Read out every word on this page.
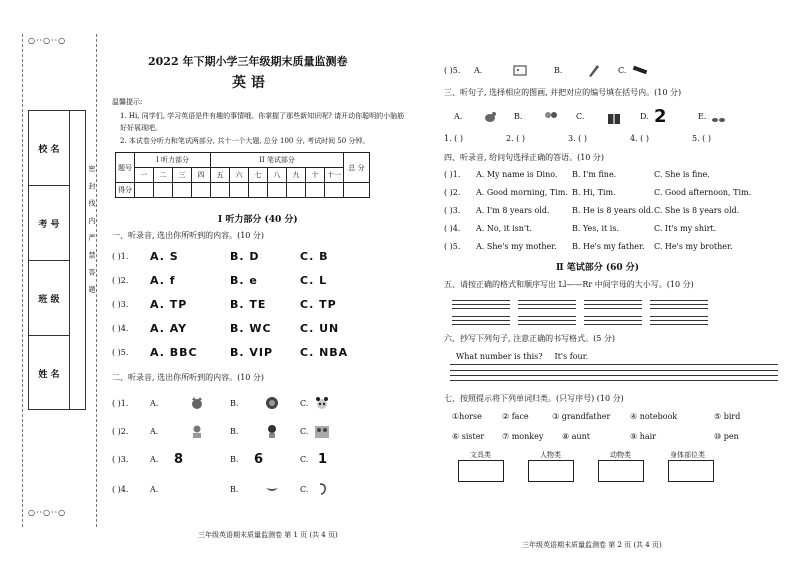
○··○··○
校 名
考 号
班 级
姓 名
密 封 线 内 严 禁 答 题
○··○··○
2022 年下期小学三年级期末质量监测卷
英 语
温馨提示:
1. Hi, 同学们, 学习英语是件有趣的事情哦。你掌握了那些新知识呢? 请开动你聪明的小脑筋好好展现吧。
2. 本试卷分听力和笔试两部分, 共十一个大题, 总分 100 分, 考试时间 50 分钟。
题号	I 听力部分				II 笔试部分							总 分
	一	二	三	四	五	六	七	八	九	十	十一	
得分												
Ⅰ 听力部分 (40 分)
一、听录音, 选出你所听到的内容。(10 分)
( )1.	A. S	B. D	C. B
( )2.	A. f	B. e	C. L
( )3.	A. TP	B. TE	C. TP
( )4.	A. AY	B. WC	C. UN
( )5.	A. BBC	B. VIP	C. NBA
二、听录音, 选出你所听到的内容。(10 分)
( )1.	A.	B.	C.
( )2.	A.	B.	C.
( )3.	A.	8	B.	6	C. 1
( )4.	A.	B.	C.
三年级英语期末质量监测卷 第 1 页 (共 4 页)
( )5.	A.	B.	C.
三、听句子, 选择相应的图画, 并把对应的编号填在括号内。(10 分)
A.	B.	C.	D. 2	E.
1. ( )	2. ( )	3. ( )	4. ( )	5. ( )
四、听录音, 给问句选择正确的答语。(10 分)
( )1.	A. My name is Dino.	B. I'm fine.	C. She is fine.
( )2.	A. Good morning, Tim. B. Hi, Tim.	C. Good afternoon, Tim.
( )3.	A. I'm 8 years old.	B. He is 8 years old. C. She is 8 years old.
( )4.	A. No, it isn't.	B. Yes, it is.	C. It's my shirt.
( )5.	A. She's my mother.	B. He's my father.	C. He's my brother.
Ⅱ 笔试部分 (60 分)
五、请按正确的格式和顺序写出 Ll——Rr 中间字母的大小写。(10 分)
六、抄写下列句子, 注意正确的书写格式。(5 分)
What number is this? It's four.
七、按照提示将下列单词归类。(只写序号) (10 分)
①horse	② face	③ grandfather	④ notebook	⑤ bird
⑥ sister	⑦ monkey	⑧ aunt	⑨ hair	⑩ pen
文具类	人物类	动物类	身体部位类
三年级英语期末质量监测卷 第 2 页 (共 4 页)
